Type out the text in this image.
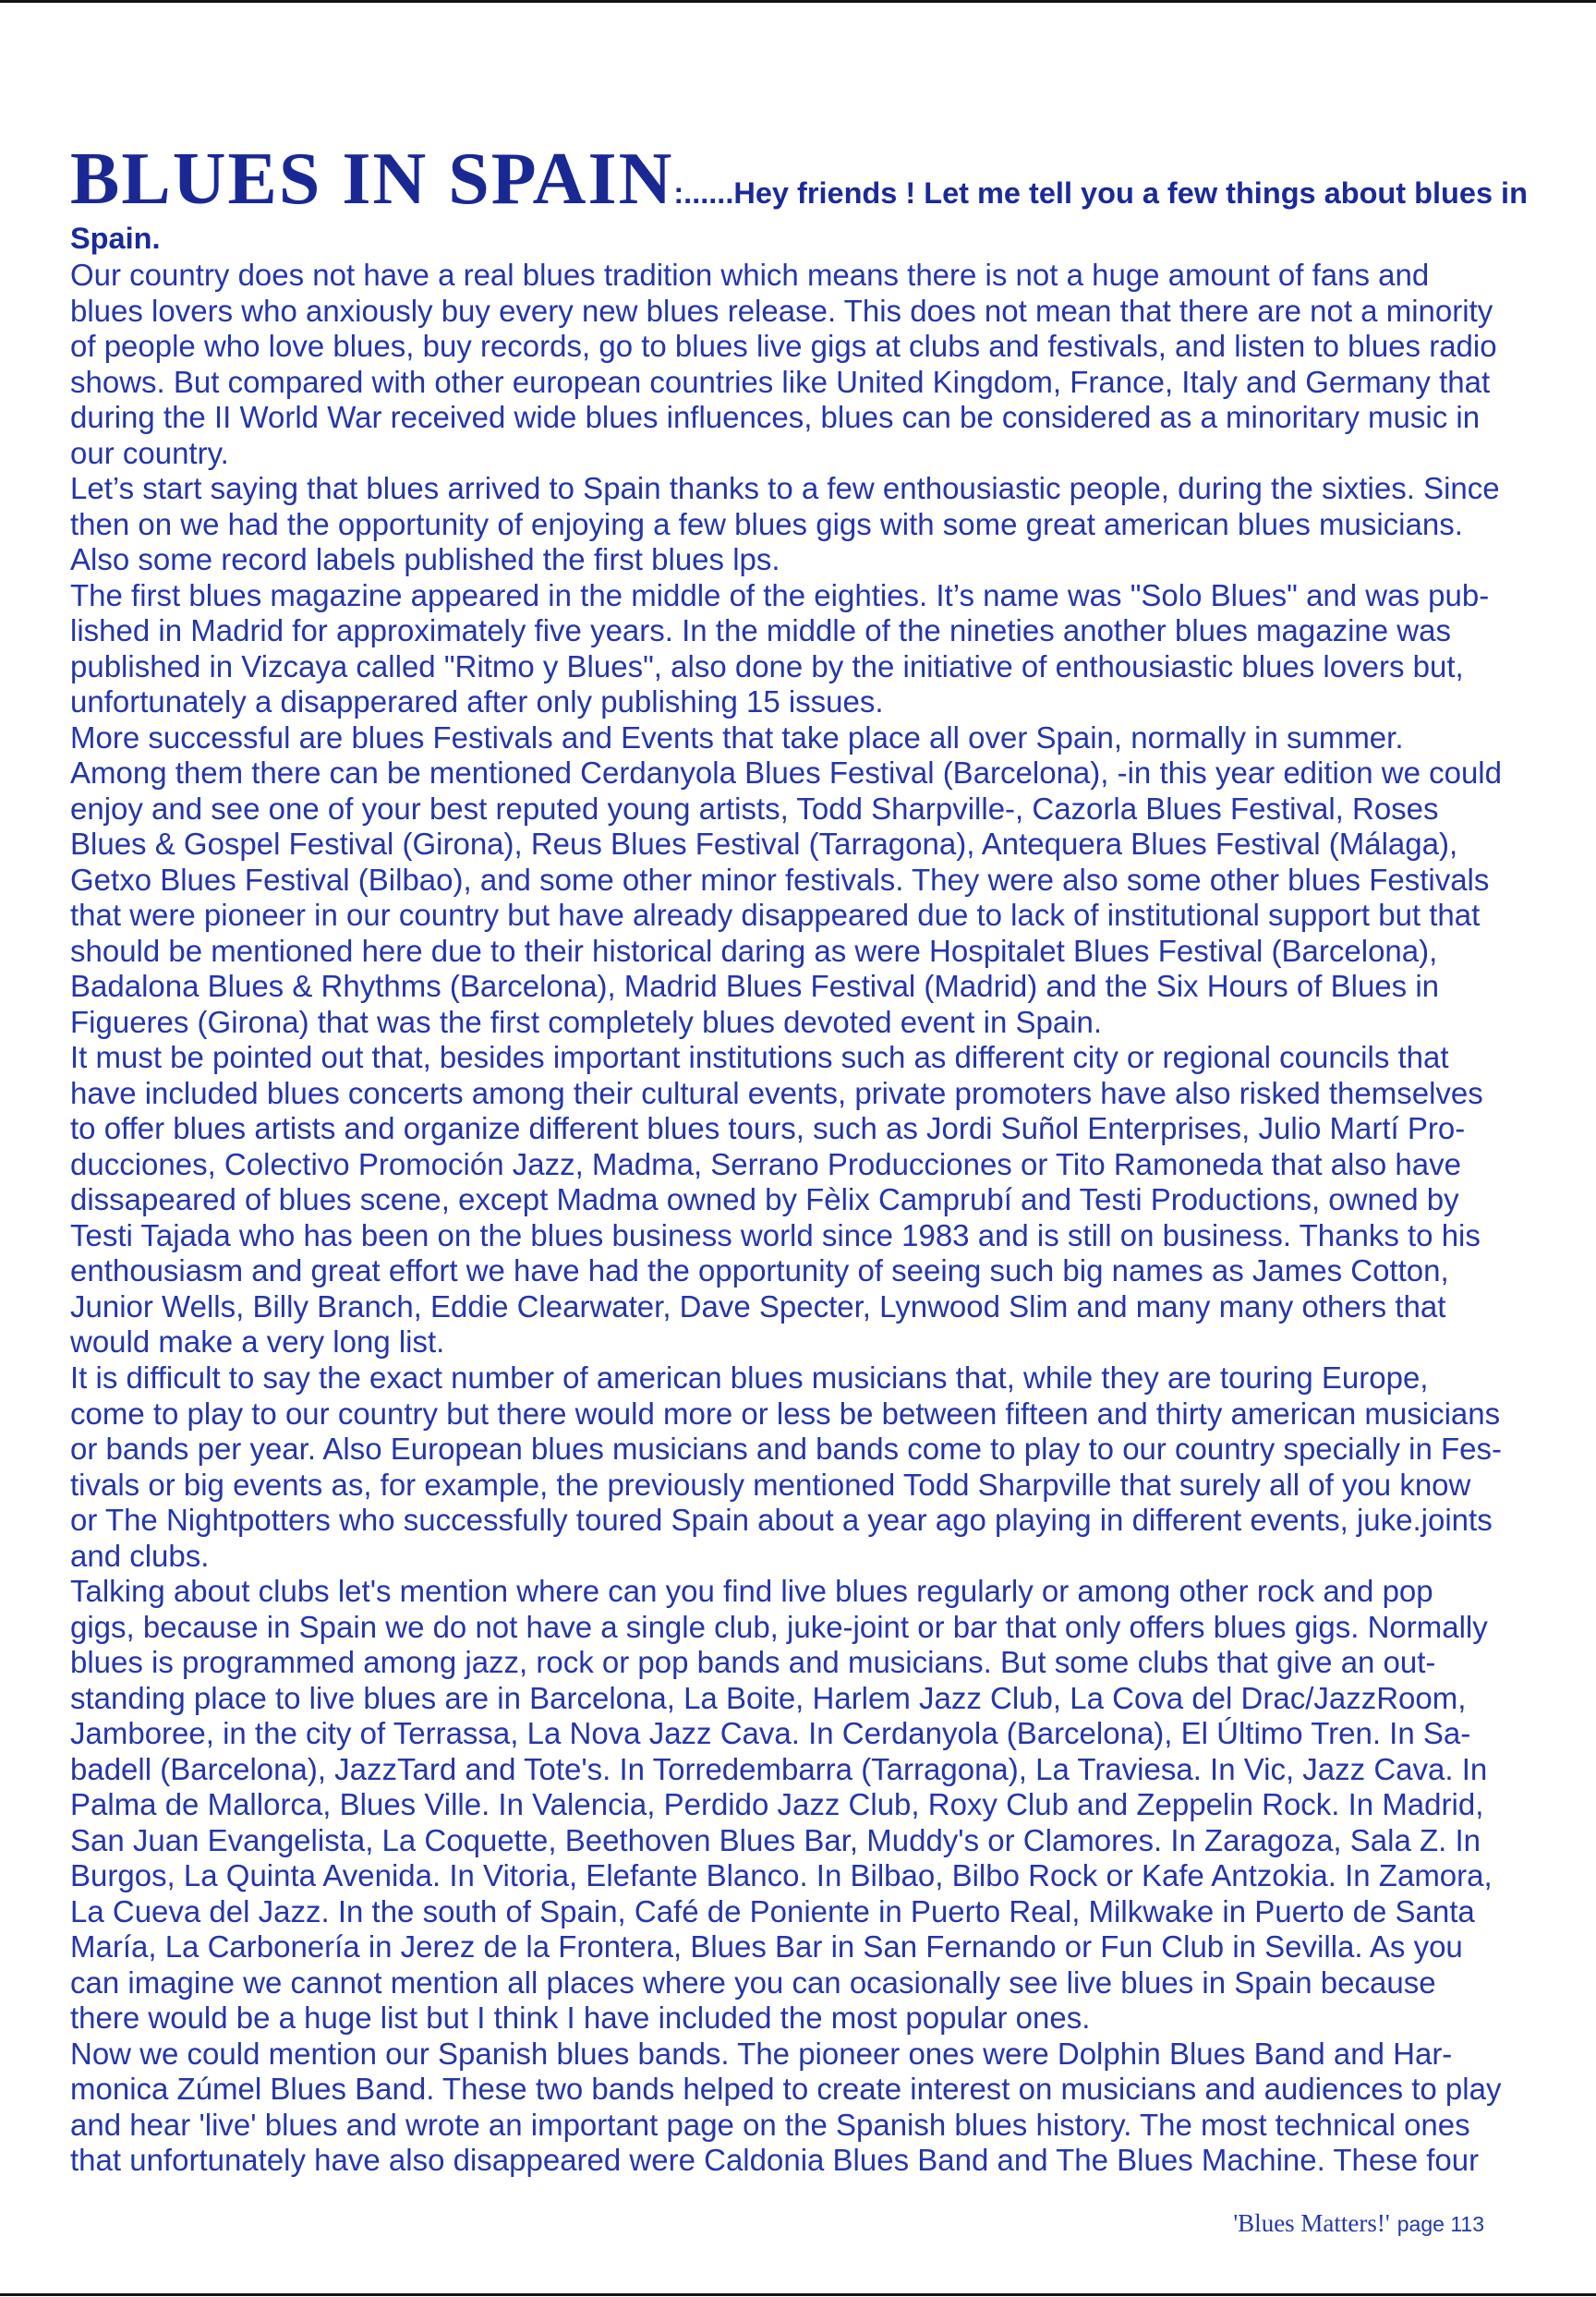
BLUES IN SPAIN :......Hey friends ! Let me tell you a few things about blues in
Spain.
Our country does not have a real blues tradition which means there is not a huge amount of fans and
blues lovers who anxiously buy every new blues release. This does not mean that there are not a minority
of people who love blues, buy records, go to blues live gigs at clubs and festivals, and listen to blues radio
shows. But compared with other european countries like United Kingdom, France, Italy and Germany that
during the II World War received wide blues influences, blues can be considered as a minoritary music in
our country.
Let’s start saying that blues arrived to Spain thanks to a few enthousiastic people, during the sixties. Since
then on we had the opportunity of enjoying a few blues gigs with some great american blues musicians.
Also some record labels published the first blues lps.
The first blues magazine appeared in the middle of the eighties. It’s name was "Solo Blues" and was pub-
lished in Madrid for approximately five years. In the middle of the nineties another blues magazine was
published in Vizcaya called "Ritmo y Blues", also done by the initiative of enthousiastic blues lovers but,
unfortunately a disapperared after only publishing 15 issues.
More successful are blues Festivals and Events that take place all over Spain, normally in summer.
Among them there can be mentioned Cerdanyola Blues Festival (Barcelona), -in this year edition we could
enjoy and see one of your best reputed young artists, Todd Sharpville-, Cazorla Blues Festival, Roses
Blues & Gospel Festival (Girona), Reus Blues Festival (Tarragona), Antequera Blues Festival (Málaga),
Getxo Blues Festival (Bilbao), and some other minor festivals. They were also some other blues Festivals
that were pioneer in our country but have already disappeared due to lack of institutional support but that
should be mentioned here due to their historical daring as were Hospitalet Blues Festival (Barcelona),
Badalona Blues & Rhythms (Barcelona), Madrid Blues Festival (Madrid) and the Six Hours of Blues in
Figueres (Girona) that was the first completely blues devoted event in Spain.
It must be pointed out that, besides important institutions such as different city or regional councils that
have included blues concerts among their cultural events, private promoters have also risked themselves
to offer blues artists and organize different blues tours, such as Jordi Suñol Enterprises, Julio Martí Pro-
ducciones, Colectivo Promoción Jazz, Madma, Serrano Producciones or Tito Ramoneda that also have
dissapeared of blues scene, except Madma owned by Fèlix Camprubí and Testi Productions, owned by
Testi Tajada who has been on the blues business world since 1983 and is still on business. Thanks to his
enthousiasm and great effort we have had the opportunity of seeing such big names as James Cotton,
Junior Wells, Billy Branch, Eddie Clearwater, Dave Specter, Lynwood Slim and many many others that
would make a very long list.
It is difficult to say the exact number of american blues musicians that, while they are touring Europe,
come to play to our country but there would more or less be between fifteen and thirty american musicians
or bands per year. Also European blues musicians and bands come to play to our country specially in Fes-
tivals or big events as, for example, the previously mentioned Todd Sharpville that surely all of you know
or The Nightpotters who successfully toured Spain about a year ago playing in different events, juke.joints
and clubs.
Talking about clubs let's mention where can you find live blues regularly or among other rock and pop
gigs, because in Spain we do not have a single club, juke-joint or bar that only offers blues gigs. Normally
blues is programmed among jazz, rock or pop bands and musicians. But some clubs that give an out-
standing place to live blues are in Barcelona, La Boite, Harlem Jazz Club, La Cova del Drac/JazzRoom,
Jamboree, in the city of Terrassa, La Nova Jazz Cava. In Cerdanyola (Barcelona), El Último Tren. In Sa-
badell (Barcelona), JazzTard and Tote's. In Torredembarra (Tarragona), La Traviesa. In Vic, Jazz Cava. In
Palma de Mallorca, Blues Ville. In Valencia, Perdido Jazz Club, Roxy Club and Zeppelin Rock. In Madrid,
San Juan Evangelista, La Coquette, Beethoven Blues Bar, Muddy's or Clamores. In Zaragoza, Sala Z. In
Burgos, La Quinta Avenida. In Vitoria, Elefante Blanco. In Bilbao, Bilbo Rock or Kafe Antzokia. In Zamora,
La Cueva del Jazz. In the south of Spain, Café de Poniente in Puerto Real, Milkwake in Puerto de Santa
María, La Carbonería in Jerez de la Frontera, Blues Bar in San Fernando or Fun Club in Sevilla. As you
can imagine we cannot mention all places where you can ocasionally see live blues in Spain because
there would be a huge list but I think I have included the most popular ones.
Now we could mention our Spanish blues bands. The pioneer ones were Dolphin Blues Band and Har-
monica Zúmel Blues Band. These two bands helped to create interest on musicians and audiences to play
and hear 'live' blues and wrote an important page on the Spanish blues history. The most technical ones
that unfortunately have also disappeared were Caldonia Blues Band and The Blues Machine. These four
'Blues Matters!' page 113
